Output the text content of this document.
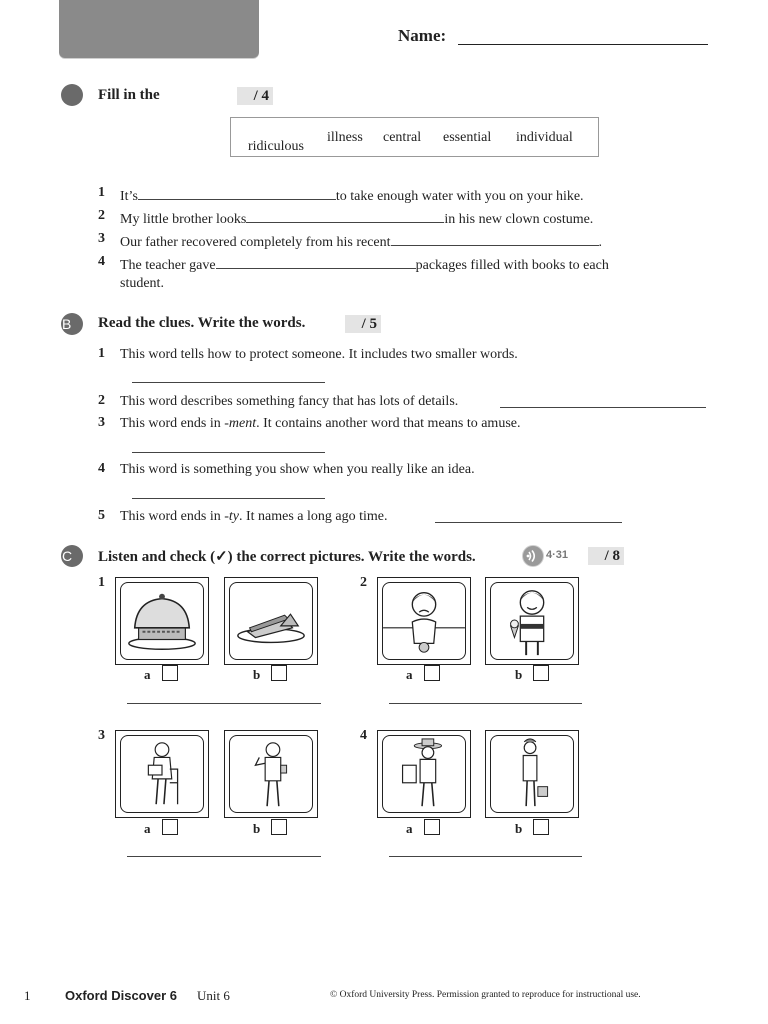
Name:
Fill in the	/ 4
ridiculous
illness central essential individual
1 It’s	to take enough water with you on your hike.
2 My little brother looks	in his new clown costume.
3 Our father recovered completely from his recent	.
4 The teacher gave	packages filled with books to each
student.
B	Read the clues. Write the words.	/ 5
1 This word tells how to protect someone. It includes two smaller words.
2 This word describes something fancy that has lots of details.
3 This word ends in -ment. It contains another word that means to amuse.
4 This word is something you show when you really like an idea.
5 This word ends in -ty. It names a long ago time.
C	Listen and check (✓) the correct pictures. Write the words.	4·31	/ 8
1
a	b
2
a	b
3
a	b
4
a	b
1	Oxford Discover 6 Unit 6	© Oxford University Press. Permission granted to reproduce for instructional use.
